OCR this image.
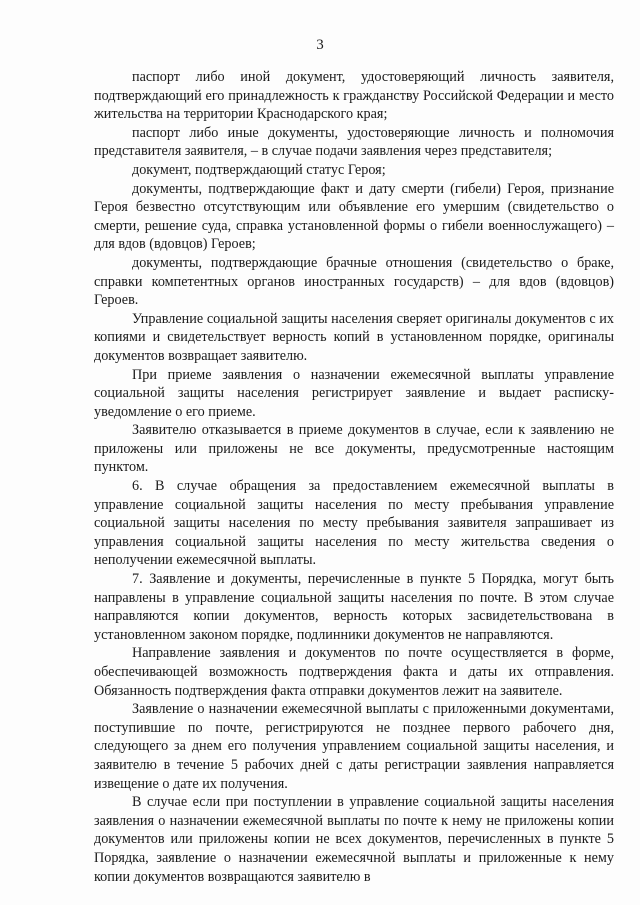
3

паспорт либо иной документ, удостоверяющий личность заявителя, подтверждающий его принадлежность к гражданству Российской Федерации и место жительства на территории Краснодарского края;

паспорт либо иные документы, удостоверяющие личность и полномочия представителя заявителя, – в случае подачи заявления через представителя;

документ, подтверждающий статус Героя;

документы, подтверждающие факт и дату смерти (гибели) Героя, признание Героя безвестно отсутствующим или объявление его умершим (свидетельство о смерти, решение суда, справка установленной формы о гибели военнослужащего) – для вдов (вдовцов) Героев;

документы, подтверждающие брачные отношения (свидетельство о браке, справки компетентных органов иностранных государств) – для вдов (вдовцов) Героев.

Управление социальной защиты населения сверяет оригиналы документов с их копиями и свидетельствует верность копий в установленном порядке, оригиналы документов возвращает заявителю.

При приеме заявления о назначении ежемесячной выплаты управление социальной защиты населения регистрирует заявление и выдает расписку-уведомление о его приеме.

Заявителю отказывается в приеме документов в случае, если к заявлению не приложены или приложены не все документы, предусмотренные настоящим пунктом.

6. В случае обращения за предоставлением ежемесячной выплаты в управление социальной защиты населения по месту пребывания управление социальной защиты населения по месту пребывания заявителя запрашивает из управления социальной защиты населения по месту жительства сведения о неполучении ежемесячной выплаты.

7. Заявление и документы, перечисленные в пункте 5 Порядка, могут быть направлены в управление социальной защиты населения по почте. В этом случае направляются копии документов, верность которых засвидетельствована в установленном законом порядке, подлинники документов не направляются.

Направление заявления и документов по почте осуществляется в форме, обеспечивающей возможность подтверждения факта и даты их отправления. Обязанность подтверждения факта отправки документов лежит на заявителе.

Заявление о назначении ежемесячной выплаты с приложенными документами, поступившие по почте, регистрируются не позднее первого рабочего дня, следующего за днем его получения управлением социальной защиты населения, и заявителю в течение 5 рабочих дней с даты регистрации заявления направляется извещение о дате их получения.

В случае если при поступлении в управление социальной защиты населения заявления о назначении ежемесячной выплаты по почте к нему не приложены копии документов или приложены копии не всех документов, перечисленных в пункте 5 Порядка, заявление о назначении ежемесячной выплаты и приложенные к нему копии документов возвращаются заявителю в
